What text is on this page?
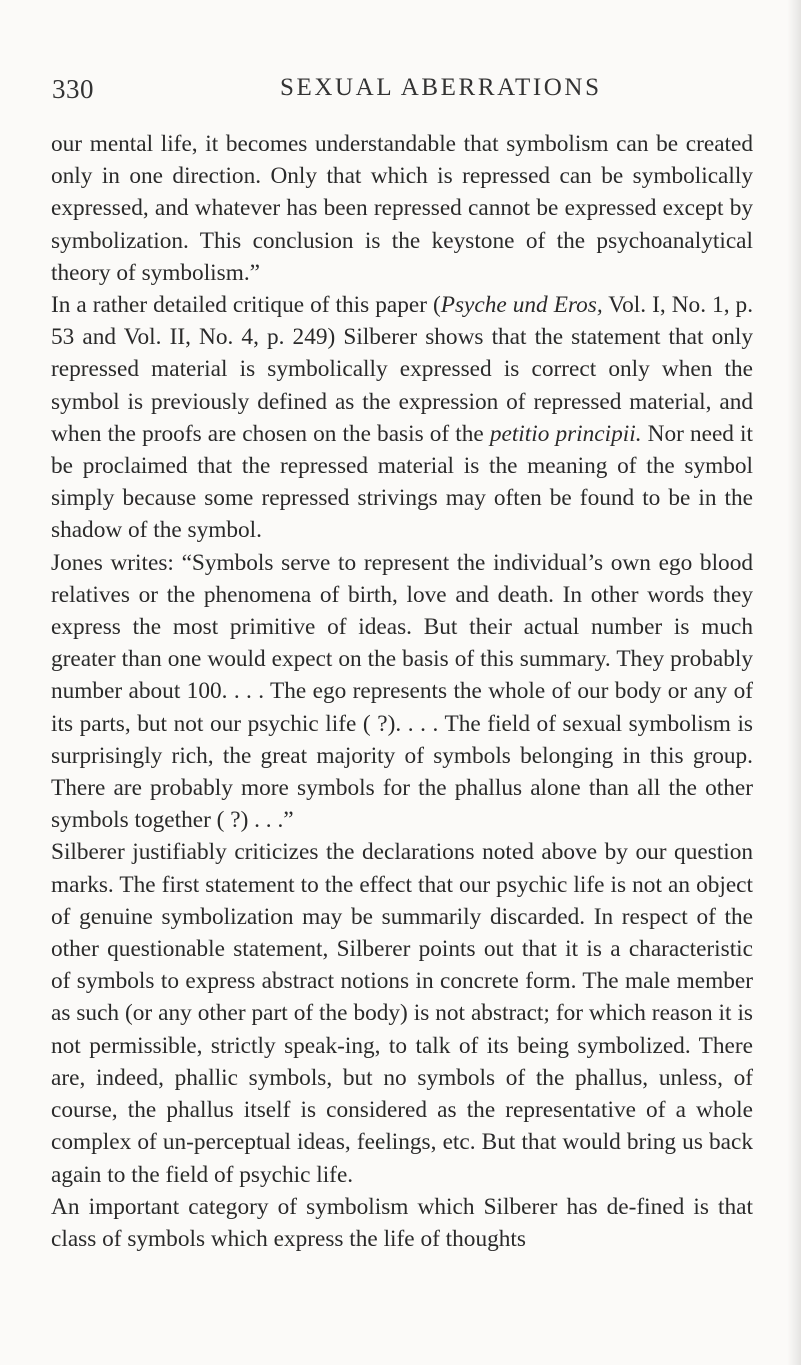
330	SEXUAL ABERRATIONS

our mental life, it becomes understandable that symbolism can be created only in one direction. Only that which is repressed can be symbolically expressed, and whatever has been repressed cannot be expressed except by symbolization. This conclusion is the keystone of the psychoanalytical theory of symbolism.”

In a rather detailed critique of this paper (Psyche und Eros, Vol. I, No. 1, p. 53 and Vol. II, No. 4, p. 249) Silberer shows that the statement that only repressed material is symbolically expressed is correct only when the symbol is previously defined as the expression of repressed material, and when the proofs are chosen on the basis of the petitio principii. Nor need it be proclaimed that the repressed material is the meaning of the symbol simply because some repressed strivings may often be found to be in the shadow of the symbol.

Jones writes: “Symbols serve to represent the individual’s own ego blood relatives or the phenomena of birth, love and death. In other words they express the most primitive of ideas. But their actual number is much greater than one would expect on the basis of this summary. They probably number about 100. . . . The ego represents the whole of our body or any of its parts, but not our psychic life ( ?). . . . The field of sexual symbolism is surprisingly rich, the great majority of symbols belonging in this group. There are probably more symbols for the phallus alone than all the other symbols together ( ?) . . .”

Silberer justifiably criticizes the declarations noted above by our question marks. The first statement to the effect that our psychic life is not an object of genuine symbolization may be summarily discarded. In respect of the other questionable statement, Silberer points out that it is a characteristic of symbols to express abstract notions in concrete form. The male member as such (or any other part of the body) is not abstract; for which reason it is not permissible, strictly speak-ing, to talk of its being symbolized. There are, indeed, phallic symbols, but no symbols of the phallus, unless, of course, the phallus itself is considered as the representative of a whole complex of un-perceptual ideas, feelings, etc. But that would bring us back again to the field of psychic life.

An important category of symbolism which Silberer has de-fined is that class of symbols which express the life of thoughts
